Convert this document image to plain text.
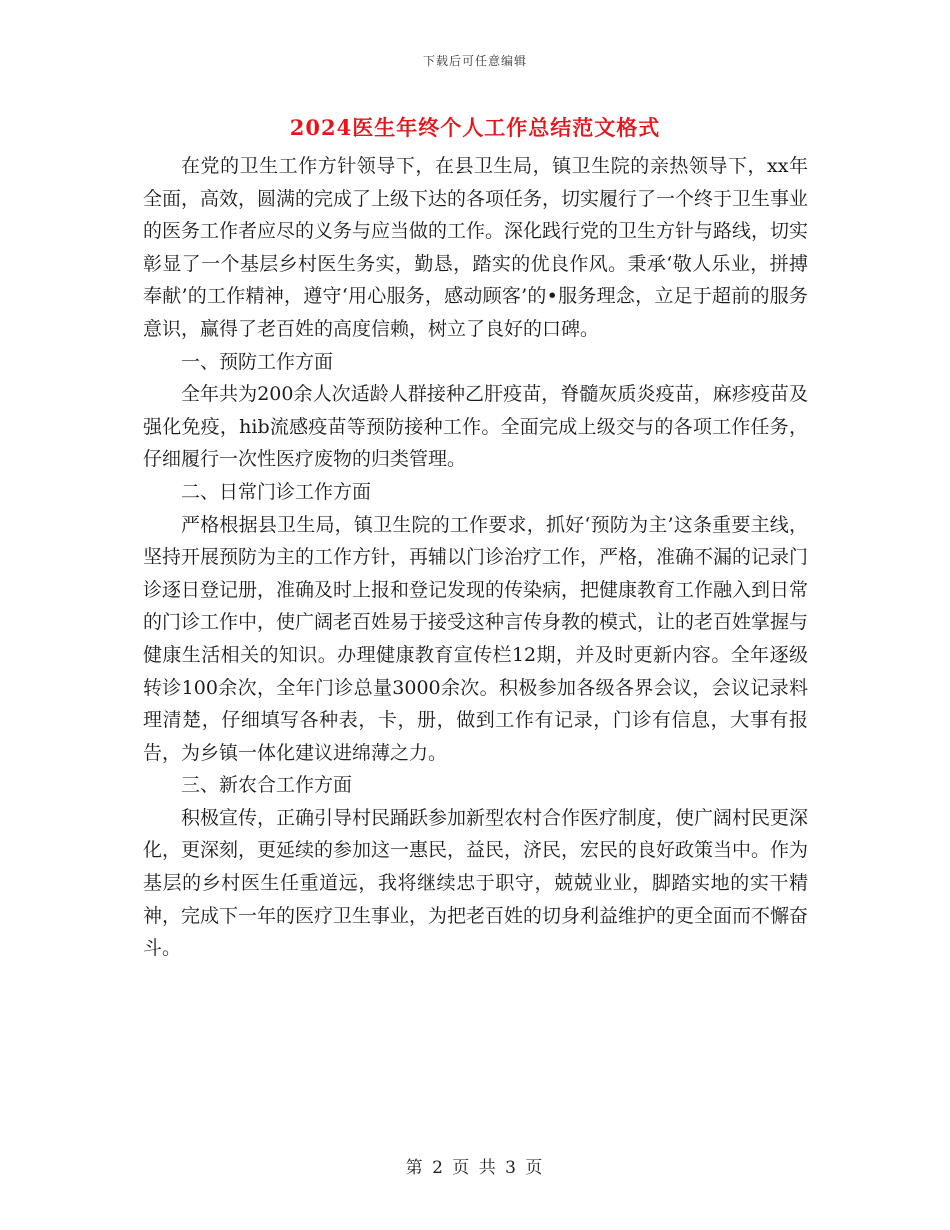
下载后可任意编辑
2024医生年终个人工作总结范文格式

在党的卫生工作方针领导下，在县卫生局，镇卫生院的亲热领导下，xx年全面，高效，圆满的完成了上级下达的各项任务，切实履行了一个终于卫生事业的医务工作者应尽的义务与应当做的工作。深化践行党的卫生方针与路线，切实彰显了一个基层乡村医生务实，勤恳，踏实的优良作风。秉承‘敬人乐业，拼搏奉献’的工作精神，遵守‘用心服务，感动顾客’的•服务理念，立足于超前的服务意识，赢得了老百姓的高度信赖，树立了良好的口碑。

一、预防工作方面

全年共为200余人次适龄人群接种乙肝疫苗，脊髓灰质炎疫苗，麻疹疫苗及强化免疫，hib流感疫苗等预防接种工作。全面完成上级交与的各项工作任务，仔细履行一次性医疗废物的归类管理。

二、日常门诊工作方面

严格根据县卫生局，镇卫生院的工作要求，抓好‘预防为主’这条重要主线，坚持开展预防为主的工作方针，再辅以门诊治疗工作，严格，准确不漏的记录门诊逐日登记册，准确及时上报和登记发现的传染病，把健康教育工作融入到日常的门诊工作中，使广阔老百姓易于接受这种言传身教的模式，让的老百姓掌握与健康生活相关的知识。办理健康教育宣传栏12期，并及时更新内容。全年逐级转诊100余次，全年门诊总量3000余次。积极参加各级各界会议，会议记录料理清楚，仔细填写各种表，卡，册，做到工作有记录，门诊有信息，大事有报告，为乡镇一体化建议进绵薄之力。

三、新农合工作方面

积极宣传，正确引导村民踊跃参加新型农村合作医疗制度，使广阔村民更深化，更深刻，更延续的参加这一惠民，益民，济民，宏民的良好政策当中。作为基层的乡村医生任重道远，我将继续忠于职守，兢兢业业，脚踏实地的实干精神，完成下一年的医疗卫生事业，为把老百姓的切身利益维护的更全面而不懈奋斗。

第 2 页 共 3 页
